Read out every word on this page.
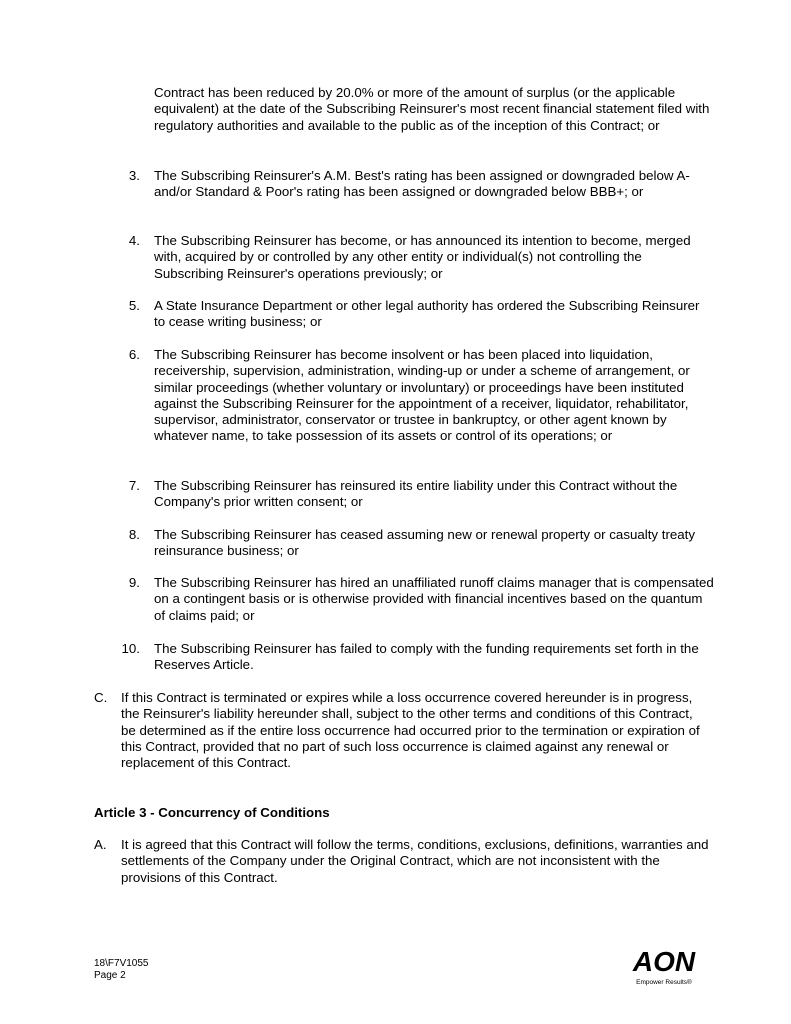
Contract has been reduced by 20.0% or more of the amount of surplus (or the applicable equivalent) at the date of the Subscribing Reinsurer's most recent financial statement filed with regulatory authorities and available to the public as of the inception of this Contract; or

3. The Subscribing Reinsurer's A.M. Best's rating has been assigned or downgraded below A- and/or Standard & Poor's rating has been assigned or downgraded below BBB+; or

4. The Subscribing Reinsurer has become, or has announced its intention to become, merged with, acquired by or controlled by any other entity or individual(s) not controlling the Subscribing Reinsurer's operations previously; or

5. A State Insurance Department or other legal authority has ordered the Subscribing Reinsurer to cease writing business; or

6. The Subscribing Reinsurer has become insolvent or has been placed into liquidation, receivership, supervision, administration, winding-up or under a scheme of arrangement, or similar proceedings (whether voluntary or involuntary) or proceedings have been instituted against the Subscribing Reinsurer for the appointment of a receiver, liquidator, rehabilitator, supervisor, administrator, conservator or trustee in bankruptcy, or other agent known by whatever name, to take possession of its assets or control of its operations; or

7. The Subscribing Reinsurer has reinsured its entire liability under this Contract without the Company's prior written consent; or

8. The Subscribing Reinsurer has ceased assuming new or renewal property or casualty treaty reinsurance business; or

9. The Subscribing Reinsurer has hired an unaffiliated runoff claims manager that is compensated on a contingent basis or is otherwise provided with financial incentives based on the quantum of claims paid; or

10. The Subscribing Reinsurer has failed to comply with the funding requirements set forth in the Reserves Article.

C. If this Contract is terminated or expires while a loss occurrence covered hereunder is in progress, the Reinsurer's liability hereunder shall, subject to the other terms and conditions of this Contract, be determined as if the entire loss occurrence had occurred prior to the termination or expiration of this Contract, provided that no part of such loss occurrence is claimed against any renewal or replacement of this Contract.

Article 3 - Concurrency of Conditions
A. It is agreed that this Contract will follow the terms, conditions, exclusions, definitions, warranties and settlements of the Company under the Original Contract, which are not inconsistent with the provisions of this Contract.

18\F7V1055
Page 2	AON
Empower Results®
